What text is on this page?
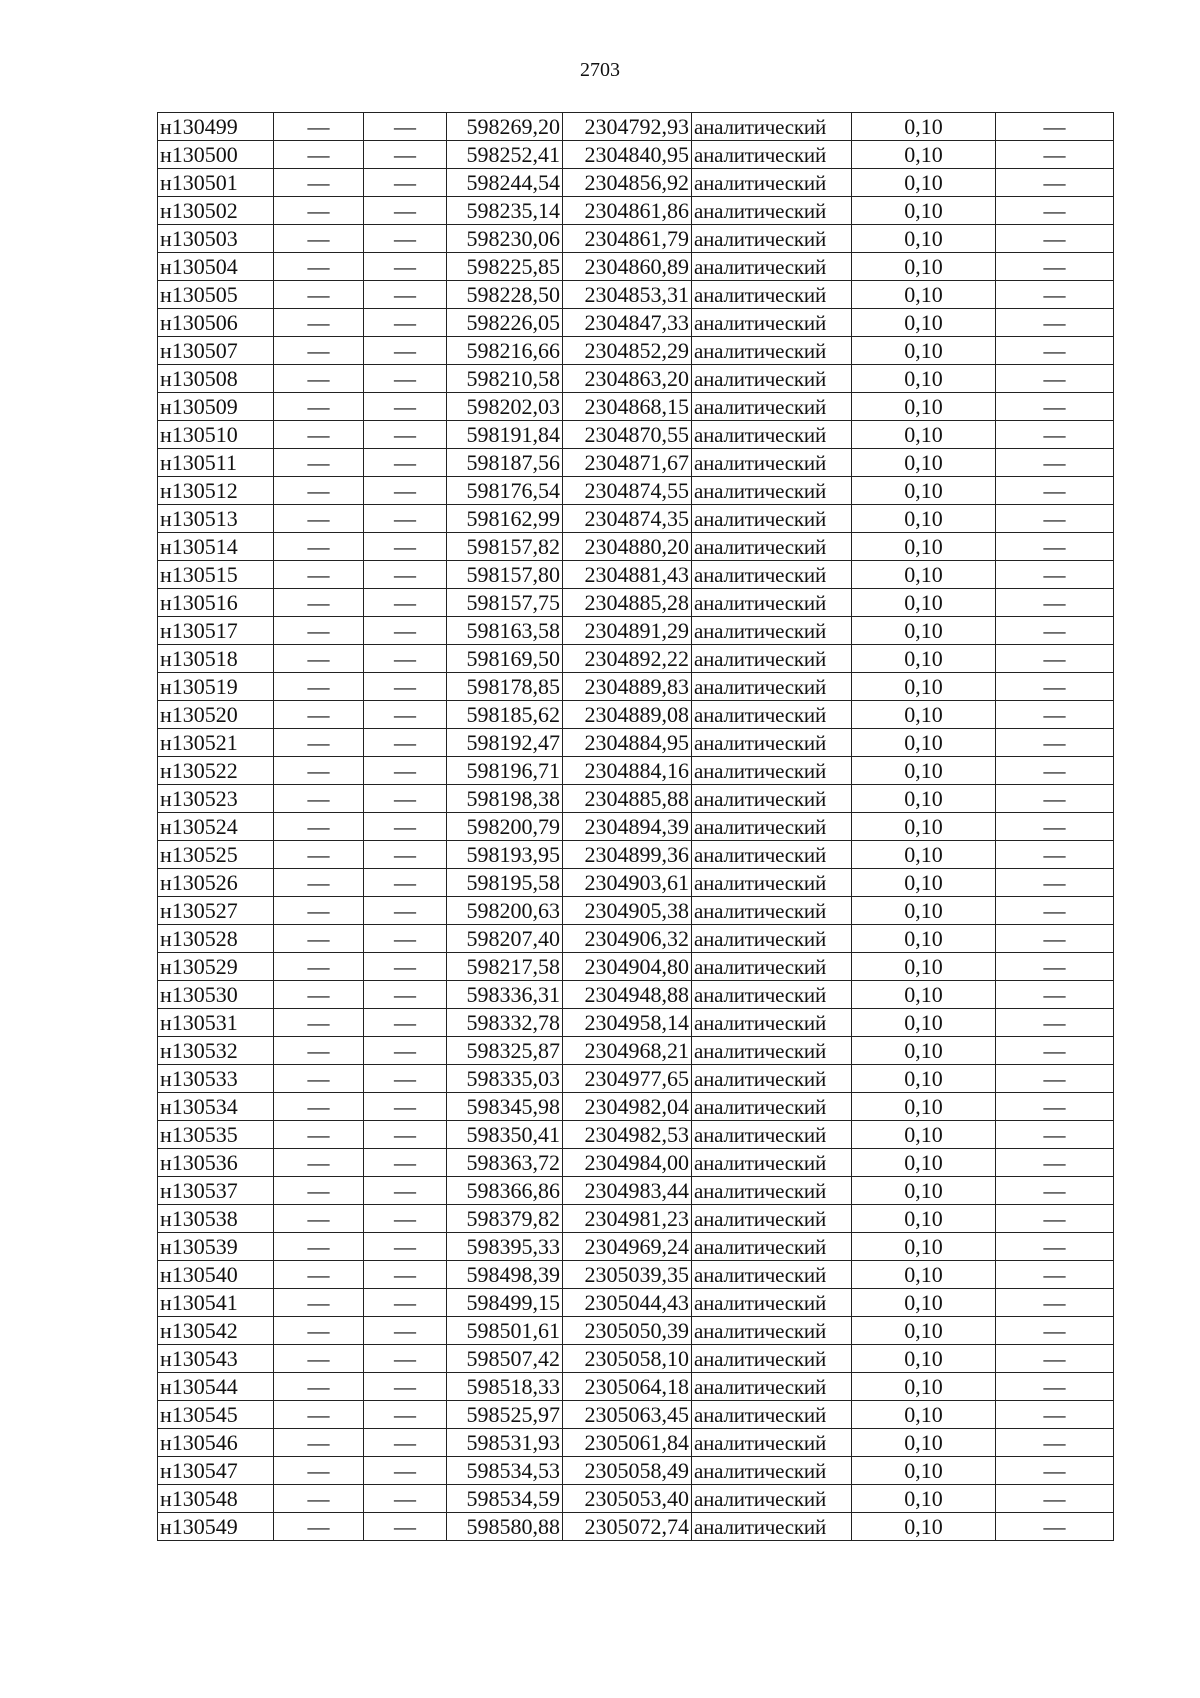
2703
н130499	—	—	598269,20	2304792,93	аналитический	0,10	—
н130500	—	—	598252,41	2304840,95	аналитический	0,10	—
н130501	—	—	598244,54	2304856,92	аналитический	0,10	—
н130502	—	—	598235,14	2304861,86	аналитический	0,10	—
н130503	—	—	598230,06	2304861,79	аналитический	0,10	—
н130504	—	—	598225,85	2304860,89	аналитический	0,10	—
н130505	—	—	598228,50	2304853,31	аналитический	0,10	—
н130506	—	—	598226,05	2304847,33	аналитический	0,10	—
н130507	—	—	598216,66	2304852,29	аналитический	0,10	—
н130508	—	—	598210,58	2304863,20	аналитический	0,10	—
н130509	—	—	598202,03	2304868,15	аналитический	0,10	—
н130510	—	—	598191,84	2304870,55	аналитический	0,10	—
н130511	—	—	598187,56	2304871,67	аналитический	0,10	—
н130512	—	—	598176,54	2304874,55	аналитический	0,10	—
н130513	—	—	598162,99	2304874,35	аналитический	0,10	—
н130514	—	—	598157,82	2304880,20	аналитический	0,10	—
н130515	—	—	598157,80	2304881,43	аналитический	0,10	—
н130516	—	—	598157,75	2304885,28	аналитический	0,10	—
н130517	—	—	598163,58	2304891,29	аналитический	0,10	—
н130518	—	—	598169,50	2304892,22	аналитический	0,10	—
н130519	—	—	598178,85	2304889,83	аналитический	0,10	—
н130520	—	—	598185,62	2304889,08	аналитический	0,10	—
н130521	—	—	598192,47	2304884,95	аналитический	0,10	—
н130522	—	—	598196,71	2304884,16	аналитический	0,10	—
н130523	—	—	598198,38	2304885,88	аналитический	0,10	—
н130524	—	—	598200,79	2304894,39	аналитический	0,10	—
н130525	—	—	598193,95	2304899,36	аналитический	0,10	—
н130526	—	—	598195,58	2304903,61	аналитический	0,10	—
н130527	—	—	598200,63	2304905,38	аналитический	0,10	—
н130528	—	—	598207,40	2304906,32	аналитический	0,10	—
н130529	—	—	598217,58	2304904,80	аналитический	0,10	—
н130530	—	—	598336,31	2304948,88	аналитический	0,10	—
н130531	—	—	598332,78	2304958,14	аналитический	0,10	—
н130532	—	—	598325,87	2304968,21	аналитический	0,10	—
н130533	—	—	598335,03	2304977,65	аналитический	0,10	—
н130534	—	—	598345,98	2304982,04	аналитический	0,10	—
н130535	—	—	598350,41	2304982,53	аналитический	0,10	—
н130536	—	—	598363,72	2304984,00	аналитический	0,10	—
н130537	—	—	598366,86	2304983,44	аналитический	0,10	—
н130538	—	—	598379,82	2304981,23	аналитический	0,10	—
н130539	—	—	598395,33	2304969,24	аналитический	0,10	—
н130540	—	—	598498,39	2305039,35	аналитический	0,10	—
н130541	—	—	598499,15	2305044,43	аналитический	0,10	—
н130542	—	—	598501,61	2305050,39	аналитический	0,10	—
н130543	—	—	598507,42	2305058,10	аналитический	0,10	—
н130544	—	—	598518,33	2305064,18	аналитический	0,10	—
н130545	—	—	598525,97	2305063,45	аналитический	0,10	—
н130546	—	—	598531,93	2305061,84	аналитический	0,10	—
н130547	—	—	598534,53	2305058,49	аналитический	0,10	—
н130548	—	—	598534,59	2305053,40	аналитический	0,10	—
н130549	—	—	598580,88	2305072,74	аналитический	0,10	—
